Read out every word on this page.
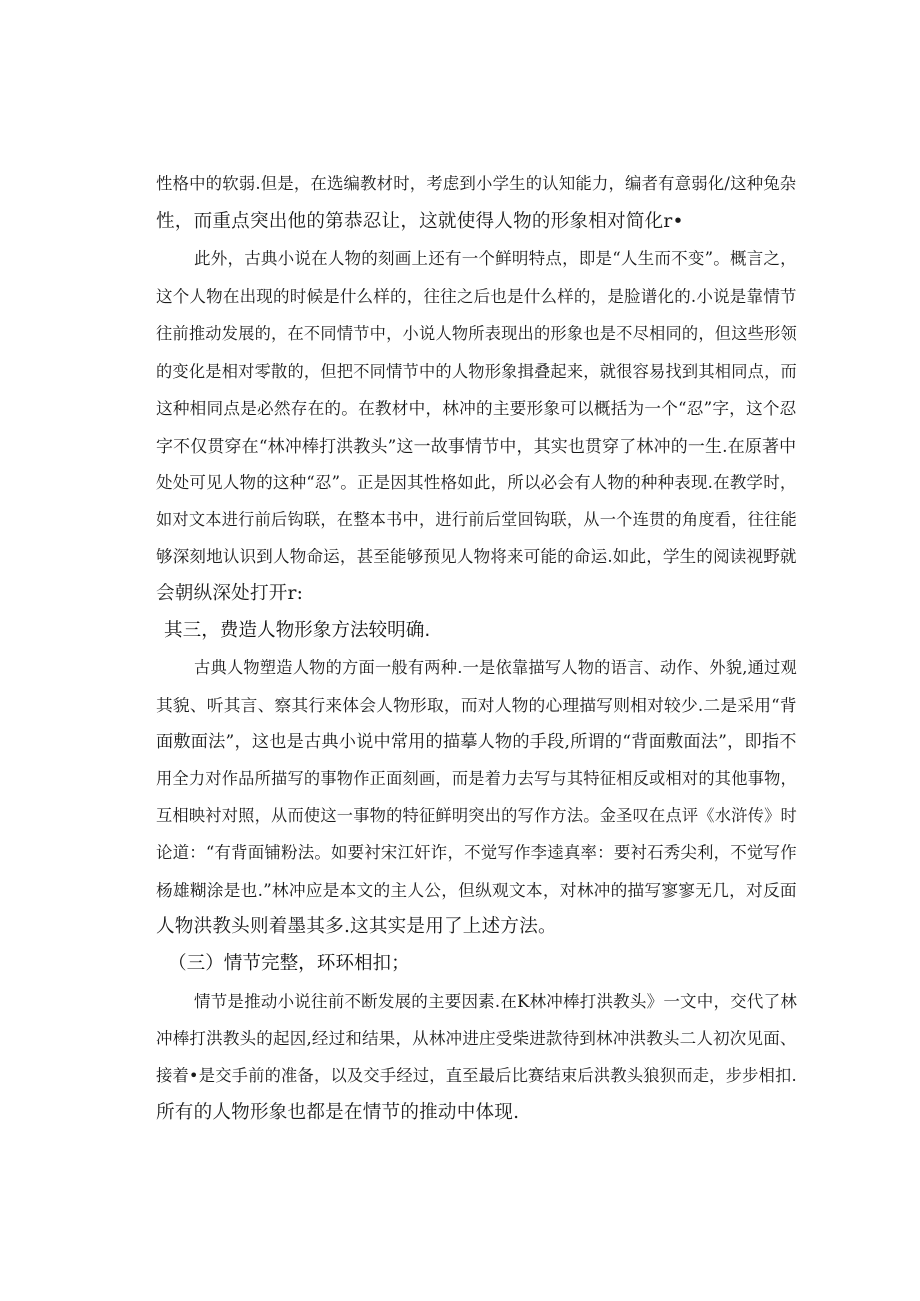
性格中的软弱.但是，在选编教材时，考虑到小学生的认知能力，编者有意弱化/这种兔杂
性，而重点突出他的第恭忍让，这就使得人物的形象相对简化r•
此外，古典小说在人物的刻画上还有一个鲜明特点，即是“人生而不变”。概言之，
这个人物在出现的时候是什么样的，往往之后也是什么样的，是脸谱化的.小说是靠情节
往前推动发展的，在不同情节中，小说人物所表现出的形象也是不尽相同的，但这些形领
的变化是相对零散的，但把不同情节中的人物形象揖叠起来，就很容易找到其相同点，而
这种相同点是必然存在的。在教材中，林冲的主要形象可以概括为一个“忍”字，这个忍
字不仅贯穿在“林冲棒打洪教头”这一故事情节中，其实也贯穿了林冲的一生.在原著中
处处可见人物的这种“忍”。正是因其性格如此，所以必会有人物的种种表现.在教学时，
如对文本进行前后钩联，在整本书中，进行前后堂回钩联，从一个连贯的角度看，往往能
够深刻地认识到人物命运，甚至能够预见人物将来可能的命运.如此，学生的阅读视野就
会朝纵深处打开r:
其三，费造人物形象方法较明确.
古典人物塑造人物的方面一般有两种.一是依靠描写人物的语言、动作、外貌,通过观
其貌、听其言、察其行来体会人物形取，而对人物的心理描写则相对较少.二是采用“背
面敷面法”，这也是古典小说中常用的描摹人物的手段,所谓的“背面敷面法”，即指不
用全力对作品所描写的事物作正面刻画，而是着力去写与其特征相反或相对的其他事物，
互相映衬对照，从而使这一事物的特征鲜明突出的写作方法。金圣叹在点评《水浒传》时
论道：“有背面铺粉法。如要衬宋江奸诈，不觉写作李逵真率：要衬石秀尖利，不觉写作
杨雄糊涂是也.”林冲应是本文的主人公，但纵观文本，对林冲的描写寥寥无几，对反面
人物洪教头则着墨其多.这其实是用了上述方法。
（三）情节完整，环环相扣；
情节是推动小说往前不断发展的主要因素.在K林冲棒打洪教头》一文中，交代了林
冲棒打洪教头的起因,经过和结果，从林冲进庄受柴进款待到林冲洪教头二人初次见面、
接着•是交手前的准备，以及交手经过，直至最后比赛结束后洪教头狼狈而走，步步相扣.
所有的人物形象也都是在情节的推动中体现.
